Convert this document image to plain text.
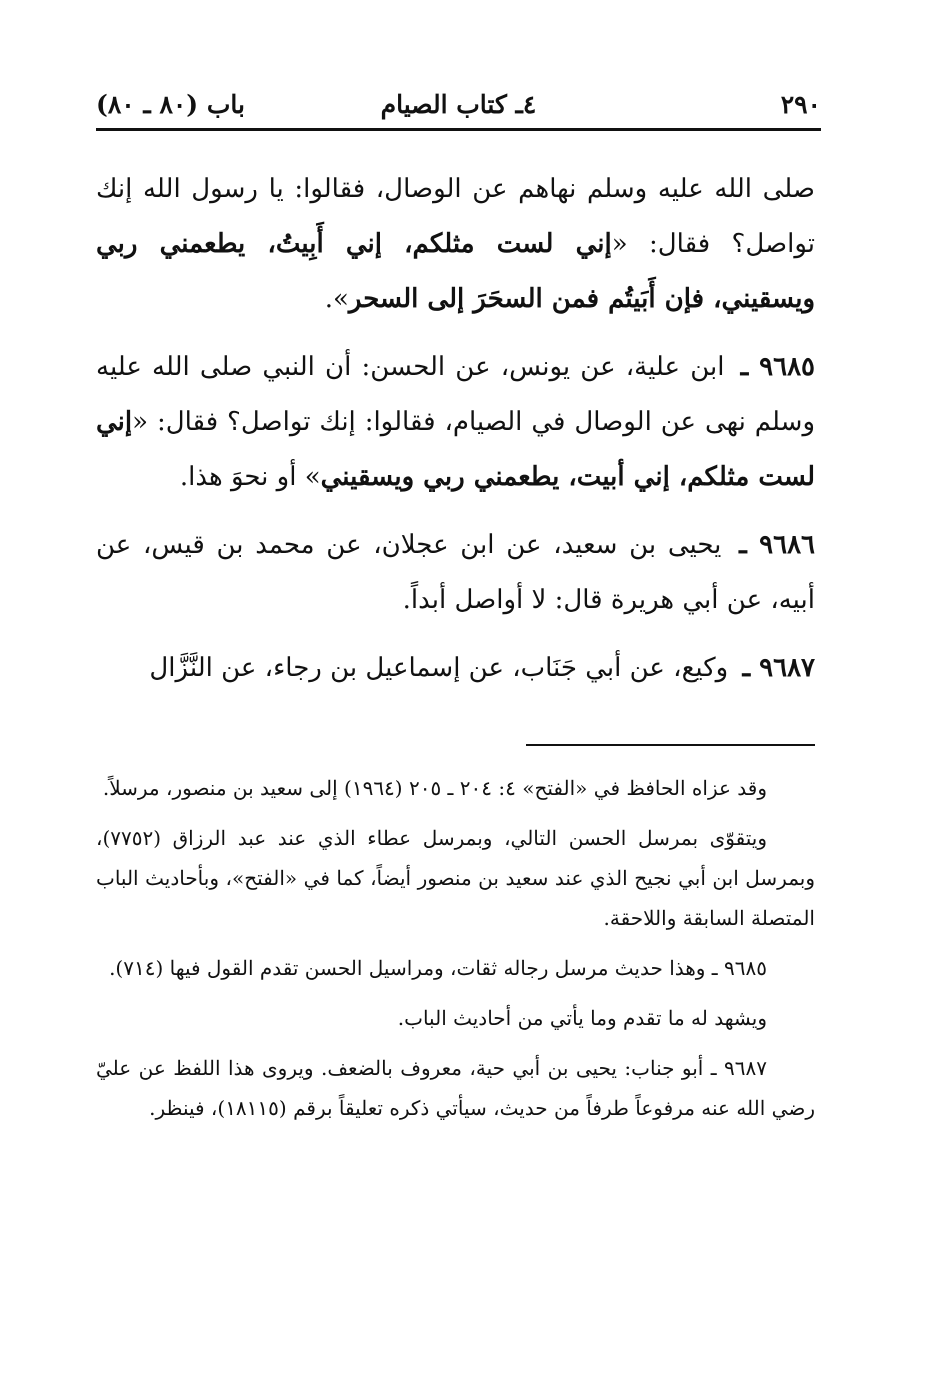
٢٩٠
٤ـ كتاب الصيام
باب (٨٠ ـ ٨٠)

صلى الله عليه وسلم نهاهم عن الوصال، فقالوا: يا رسول الله إنك تواصل؟ فقال: «إني لست مثلكم، إني أَبِيتُ، يطعمني ربي ويسقيني، فإن أَبَيتُم فمن السحَرَ إلى السحر».

٩٦٨٥ ـ ابن علية، عن يونس، عن الحسن: أن النبي صلى الله عليه وسلم نهى عن الوصال في الصيام، فقالوا: إنك تواصل؟ فقال: «إني لست مثلكم، إني أبيت، يطعمني ربي ويسقيني» أو نحوَ هذا.

٩٦٨٦ ـ يحيى بن سعيد، عن ابن عجلان، عن محمد بن قيس، عن أبيه، عن أبي هريرة قال: لا أواصل أبداً.

٩٦٨٧ ـ وكيع، عن أبي جَنَاب، عن إسماعيل بن رجاء، عن النَّزَّال

وقد عزاه الحافظ في «الفتح» ٤: ٢٠٤ ـ ٢٠٥ (١٩٦٤) إلى سعيد بن منصور، مرسلاً.

ويتقوّى بمرسل الحسن التالي، وبمرسل عطاء الذي عند عبد الرزاق (٧٧٥٢)، وبمرسل ابن أبي نجيح الذي عند سعيد بن منصور أيضاً، كما في «الفتح»، وبأحاديث الباب المتصلة السابقة واللاحقة.

٩٦٨٥ ـ وهذا حديث مرسل رجاله ثقات، ومراسيل الحسن تقدم القول فيها (٧١٤).

ويشهد له ما تقدم وما يأتي من أحاديث الباب.

٩٦٨٧ ـ أبو جناب: يحيى بن أبي حية، معروف بالضعف. ويروى هذا اللفظ عن عليّ رضي الله عنه مرفوعاً طرفاً من حديث، سيأتي ذكره تعليقاً برقم (١٨١١٥)، فينظر.
